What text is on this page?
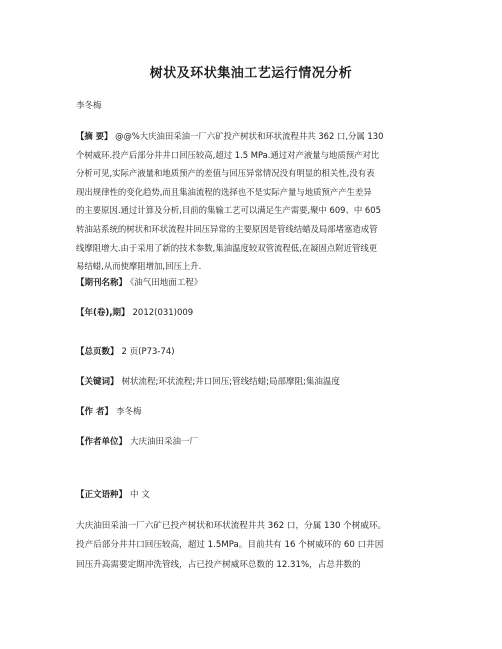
树状及环状集油工艺运行情况分析
李冬梅
【摘 要】 @@%大庆油田采油一厂六矿投产树状和环状流程井共 362 口,分属 130
个树威环.投产后部分井井口回压较高,超过 1.5 MPa.通过对产液量与地质预产对比
分析可见,实际产液量和地质预产的差值与回压异常情况没有明显的相关性,没有表
现出规律性的变化趋势,而且集油流程的选择也不是实际产量与地质预产产生差异
的主要原因.通过计算及分析,目前的集输工艺可以满足生产需要,聚中 609、中 605
转油站系统的树状和环状流程井回压异常的主要原因是管线结蜡及局部堵塞造成管
线摩阻增大.由于采用了新的技术参数,集油温度较双管流程低,在凝固点附近管线更
易结蜡,从而使摩阻增加,回压上升.
【期刊名称】 《油气田地面工程》
【年(卷),期】 2012(031)009
【总页数】 2 页(P73-74)
【关键词】 树状流程;环状流程;井口回压;管线结蜡;局部摩阻;集油温度
【作 者】 李冬梅
【作者单位】 大庆油田采油一厂
【正文语种】 中 文
大庆油田采油一厂六矿已投产树状和环状流程井共 362 口，分属 130 个树威环。
投产后部分井井口回压较高，超过 1.5MPa。目前共有 16 个树威环的 60 口井因
回压升高需要定期冲洗管线，占已投产树威环总数的 12.31%，占总井数的
